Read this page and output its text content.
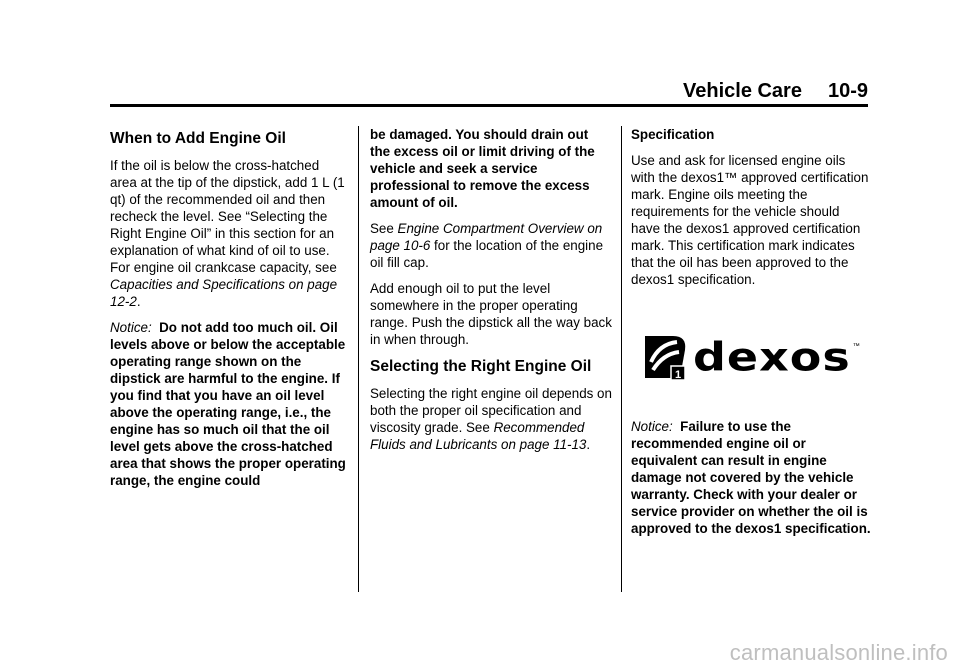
Vehicle Care 10-9
When to Add Engine Oil

If the oil is below the cross-hatched area at the tip of the dipstick, add 1 L (1 qt) of the recommended oil and then recheck the level. See “Selecting the Right Engine Oil” in this section for an explanation of what kind of oil to use. For engine oil crankcase capacity, see Capacities and Specifications on page 12-2.

Notice: Do not add too much oil. Oil levels above or below the acceptable operating range shown on the dipstick are harmful to the engine. If you find that you have an oil level above the operating range, i.e., the engine has so much oil that the oil level gets above the cross-hatched area that shows the proper operating range, the engine could

be damaged. You should drain out the excess oil or limit driving of the vehicle and seek a service professional to remove the excess amount of oil.

See Engine Compartment Overview on page 10-6 for the location of the engine oil fill cap.

Add enough oil to put the level somewhere in the proper operating range. Push the dipstick all the way back in when through.

Selecting the Right Engine Oil

Selecting the right engine oil depends on both the proper oil specification and viscosity grade. See Recommended Fluids and Lubricants on page 11-13.

Specification

Use and ask for licensed engine oils with the dexos1™ approved certification mark. Engine oils meeting the requirements for the vehicle should have the dexos1 approved certification mark. This certification mark indicates that the oil has been approved to the dexos1 specification.

1 dexos ™

Notice: Failure to use the recommended engine oil or equivalent can result in engine damage not covered by the vehicle warranty. Check with your dealer or service provider on whether the oil is approved to the dexos1 specification.

carmanualsonline.info
